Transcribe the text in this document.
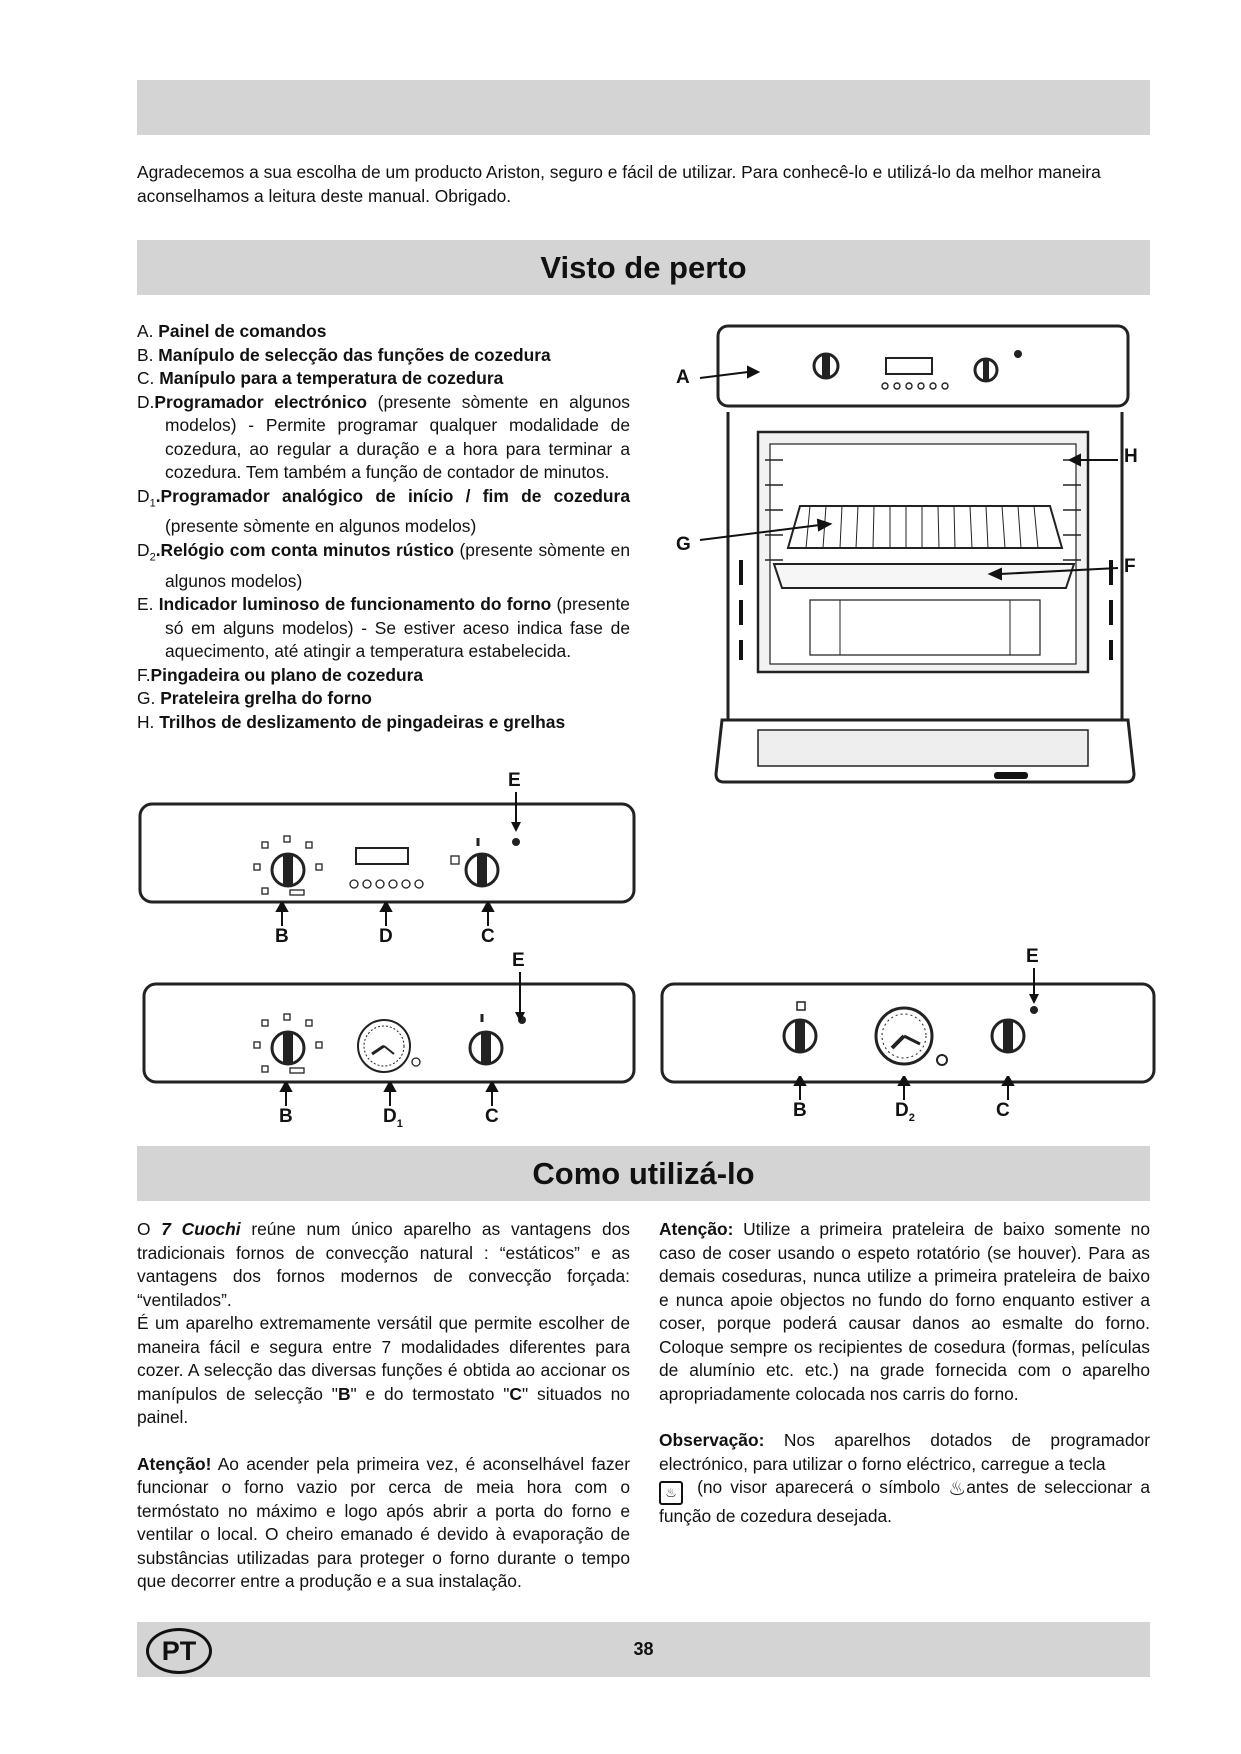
Agradecemos a sua escolha de um producto Ariston, seguro e fácil de utilizar. Para conhecê-lo e utilizá-lo da melhor maneira aconselhamos a leitura deste manual. Obrigado.
Visto de perto
A. Painel de comandos
B. Manípulo de selecção das funções de cozedura
C. Manípulo para a temperatura de cozedura
D.Programador electrónico (presente sòmente en algunos modelos) - Permite programar qualquer modalidade de cozedura, ao regular a duração e a hora para terminar a cozedura. Tem também a função de contador de minutos.
$D_1.Programador$ analógico de início / fim de cozedura (presente sòmente en algunos modelos)
$D_2.Relógio$ com conta minutos rústico (presente sòmente en algunos modelos)
E. Indicador luminoso de funcionamento do forno (presente só em alguns modelos) - Se estiver aceso indica fase de aquecimento, até atingir a temperatura estabelecida.
F.Pingadeira ou plano de cozedura
G. Prateleira grelha do forno
H. Trilhos de deslizamento de pingadeiras e grelhas
A
H
G
F
E
B	D	C
E
B	$D_1$	C
E
B	$D_2$	C
Como utilizá-lo

O 7 Cuochi reúne num único aparelho as vantagens dos tradicionais fornos de convecção natural : “estáticos” e as vantagens dos fornos modernos de convecção forçada: “ventilados”.

É um aparelho extremamente versátil que permite escolher de maneira fácil e segura entre 7 modalidades diferentes para cozer. A selecção das diversas funções é obtida ao accionar os manípulos de selecção "B" e do termostato "C" situados no painel.

Atenção! Ao acender pela primeira vez, é aconselhável fazer funcionar o forno vazio por cerca de meia hora com o termóstato no máximo e logo após abrir a porta do forno e ventilar o local. O cheiro emanado é devido à evaporação de substâncias utilizadas para proteger o forno durante o tempo que decorrer entre a produção e a sua instalação.

Atenção: Utilize a primeira prateleira de baixo somente no caso de coser usando o espeto rotatório (se houver). Para as demais coseduras, nunca utilize a primeira prateleira de baixo e nunca apoie objectos no fundo do forno enquanto estiver a coser, porque poderá causar danos ao esmalte do forno. Coloque sempre os recipientes de cosedura (formas, películas de alumínio etc. etc.) na grade fornecida com o aparelho apropriadamente colocada nos carris do forno.

Observação: Nos aparelhos dotados de programador electrónico, para utilizar o forno eléctrico, carregue a tecla
♨ (no visor aparecerá o símbolo ♨antes de seleccionar a função de cozedura desejada.

PT	38
